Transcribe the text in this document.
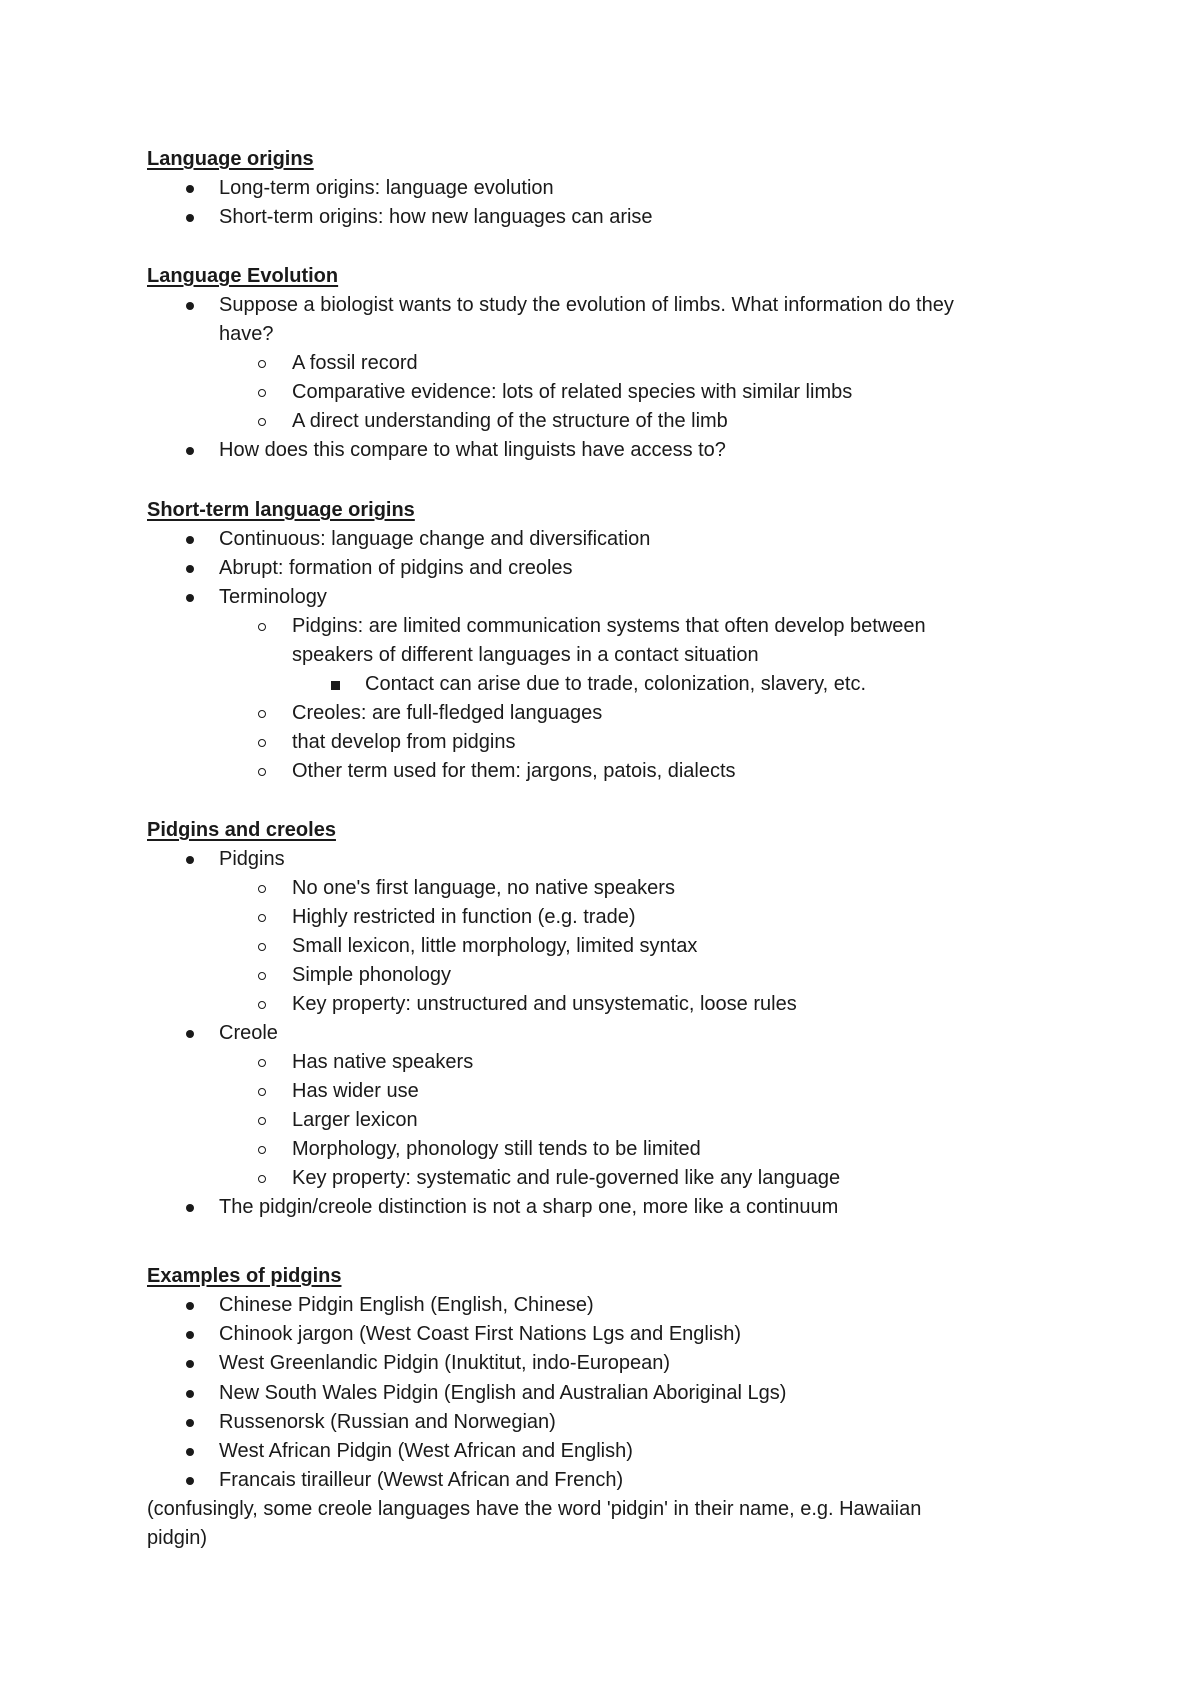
Language origins
Long-term origins: language evolution
Short-term origins: how new languages can arise
Language Evolution
Suppose a biologist wants to study the evolution of limbs. What information do they
have?
A fossil record
Comparative evidence: lots of related species with similar limbs
A direct understanding of the structure of the limb
How does this compare to what linguists have access to?
Short-term language origins
Continuous: language change and diversification
Abrupt: formation of pidgins and creoles
Terminology
Pidgins: are limited communication systems that often develop between
speakers of different languages in a contact situation
Contact can arise due to trade, colonization, slavery, etc.
Creoles: are full-fledged languages
that develop from pidgins
Other term used for them: jargons, patois, dialects
Pidgins and creoles
Pidgins
No one's first language, no native speakers
Highly restricted in function (e.g. trade)
Small lexicon, little morphology, limited syntax
Simple phonology
Key property: unstructured and unsystematic, loose rules
Creole
Has native speakers
Has wider use
Larger lexicon
Morphology, phonology still tends to be limited
Key property: systematic and rule-governed like any language
The pidgin/creole distinction is not a sharp one, more like a continuum
Examples of pidgins
Chinese Pidgin English (English, Chinese)
Chinook jargon (West Coast First Nations Lgs and English)
West Greenlandic Pidgin (Inuktitut, indo-European)
New South Wales Pidgin (English and Australian Aboriginal Lgs)
Russenorsk (Russian and Norwegian)
West African Pidgin (West African and English)
Francais tirailleur (Wewst African and French)
(confusingly, some creole languages have the word 'pidgin' in their name, e.g. Hawaiian
pidgin)
